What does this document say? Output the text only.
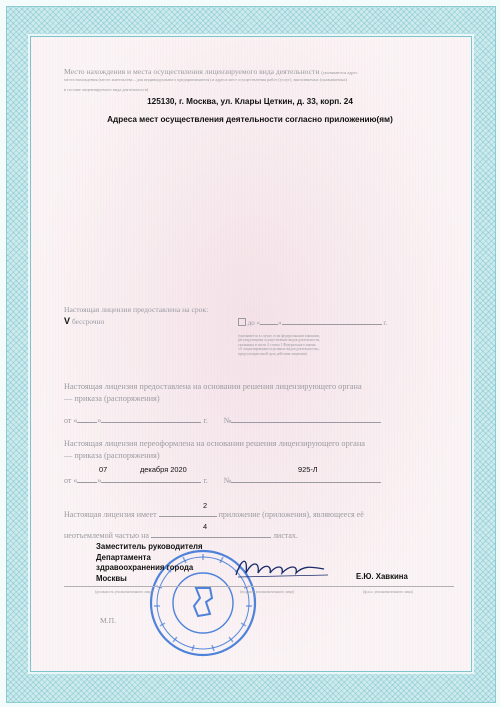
Место нахождения и места осуществления лицензируемого вида деятельности (указываются адрес
места нахождения (место жительства – для индивидуального предпринимателя) и адреса мест осуществления работ (услуг), выполняемых (оказываемых)
в составе лицензируемого вида деятельности)
125130, г. Москва, ул. Клары Цеткин, д. 33, корп. 24
Адреса мест осуществления деятельности согласно приложению(ям)
Настоящая лицензия предоставлена на срок:
V бессрочно	до «	»	г.
(указывается в случае, если федеральными законами,
регулирующими осуществление видов деятельности,
указанных в части 4 статьи 1 Федерального закона
«О лицензировании отдельных видов деятельности»,
предусмотрен иной срок действия лицензии)
Настоящая лицензия предоставлена на основании решения лицензирующего органа
— приказа (распоряжения)
от «	»	г. №
Настоящая лицензия переоформлена на основании решения лицензирующего органа
— приказа (распоряжения)
07	декабря 2020	925-Л
от «	»	г. №
2
Настоящая лицензия имеет	приложение (приложения), являющееся её
4
неотъемлемой частью на	листах.
Заместитель руководителя
Департамента
здравоохранения города
Москвы	Е.Ю. Хавкина
(должность уполномоченного лица)	(подпись уполномоченного лица)	(ф.и.о. уполномоченного лица)
М.П.
